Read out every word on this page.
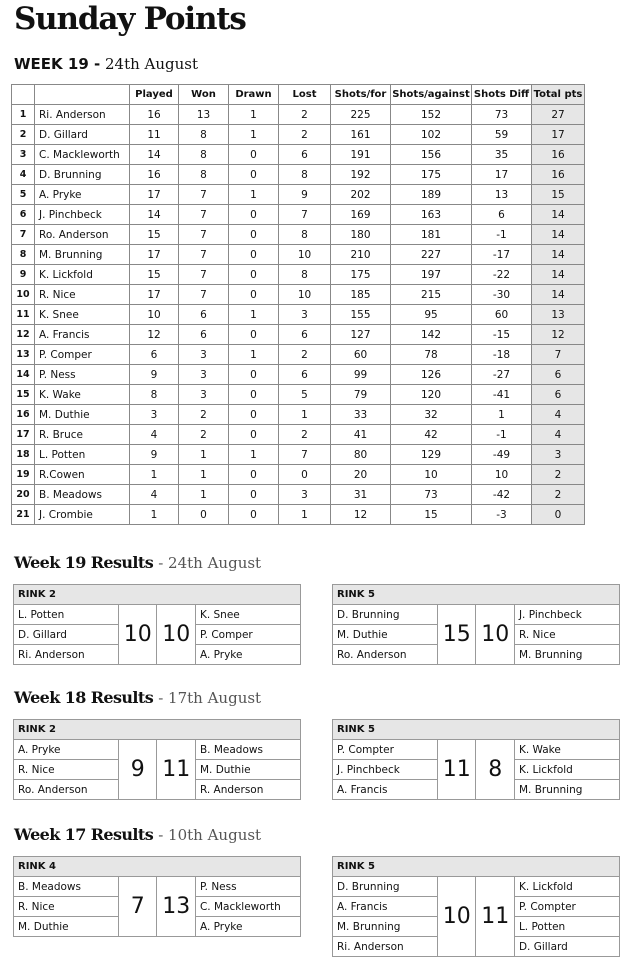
Sunday Points
WEEK 19 - 24th August
		Played	Won	Drawn	Lost	Shots/for	Shots/against	Shots Diff	Total pts
1	Ri. Anderson	16	13	1	2	225	152	73	27
2	D. Gillard	11	8	1	2	161	102	59	17
3	C. Mackleworth	14	8	0	6	191	156	35	16
4	D. Brunning	16	8	0	8	192	175	17	16
5	A. Pryke	17	7	1	9	202	189	13	15
6	J. Pinchbeck	14	7	0	7	169	163	6	14
7	Ro. Anderson	15	7	0	8	180	181	-1	14
8	M. Brunning	17	7	0	10	210	227	-17	14
9	K. Lickfold	15	7	0	8	175	197	-22	14
10	R. Nice	17	7	0	10	185	215	-30	14
11	K. Snee	10	6	1	3	155	95	60	13
12	A. Francis	12	6	0	6	127	142	-15	12
13	P. Comper	6	3	1	2	60	78	-18	7
14	P. Ness	9	3	0	6	99	126	-27	6
15	K. Wake	8	3	0	5	79	120	-41	6
16	M. Duthie	3	2	0	1	33	32	1	4
17	R. Bruce	4	2	0	2	41	42	-1	4
18	L. Potten	9	1	1	7	80	129	-49	3
19	R.Cowen	1	1	0	0	20	10	10	2
20	B. Meadows	4	1	0	3	31	73	-42	2
21	J. Crombie	1	0	0	1	12	15	-3	0
Week 19 Results - 24th August
RINK 2			
L. Potten	10	10	K. Snee
D. Gillard			P. Comper
Ri. Anderson			A. Pryke
RINK 5			
D. Brunning	15	10	J. Pinchbeck
M. Duthie			R. Nice
Ro. Anderson			M. Brunning
Week 18 Results - 17th August
RINK 2			
A. Pryke	9	11	B. Meadows
R. Nice			M. Duthie
Ro. Anderson			R. Anderson
RINK 5			
P. Compter	11	8	K. Wake
J. Pinchbeck			K. Lickfold
A. Francis			M. Brunning
Week 17 Results - 10th August
RINK 4			
B. Meadows	7	13	P. Ness
R. Nice			C. Mackleworth
M. Duthie			A. Pryke
RINK 5			
D. Brunning	10	11	K. Lickfold
A. Francis			P. Compter
M. Brunning			L. Potten
Ri. Anderson			D. Gillard
